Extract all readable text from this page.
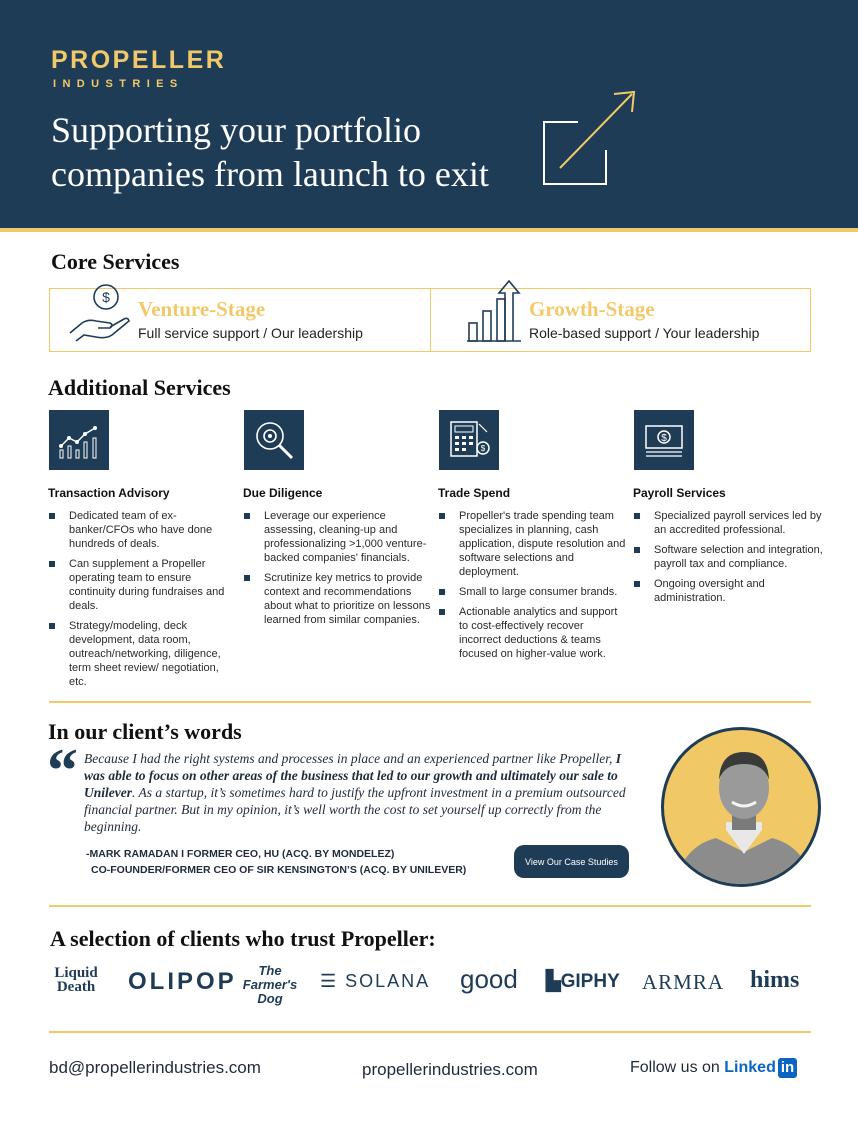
PROPELLER
INDUSTRIES
Supporting your portfolio
companies from launch to exit
Core Services
$ Venture-Stage
Full service support / Our leadership
Growth-Stage
Role-based support / Your leadership
Additional Services
Transaction Advisory
Dedicated team of ex-banker/CFOs who have done hundreds of deals.
Can supplement a Propeller operating team to ensure continuity during fundraises and deals.
Strategy/modeling, deck development, data room, outreach/networking, diligence, term sheet review/ negotiation, etc.
Due Diligence
Leverage our experience assessing, cleaning-up and professionalizing >1,000 venture-backed companies' financials.
Scrutinize key metrics to provide context and recommendations about what to prioritize on lessons learned from similar companies.
$
Trade Spend
Propeller's trade spending team specializes in planning, cash application, dispute resolution and software selections and deployment.
Small to large consumer brands.
Actionable analytics and support to cost-effectively recover incorrect deductions & teams focused on higher-value work.
$
Payroll Services
Specialized payroll services led by an accredited professional.
Software selection and integration, payroll tax and compliance.
Ongoing oversight and administration.
In our client’s words
“ Because I had the right systems and processes in place and an experienced partner like Propeller, I was able to focus on other areas of the business that led to our growth and ultimately our sale to Unilever. As a startup, it’s sometimes hard to justify the upfront investment in a premium outsourced financial partner. But in my opinion, it’s well worth the cost to set yourself up correctly from the beginning.
-MARK RAMADAN I FORMER CEO, HU (ACQ. BY MONDELEZ)
CO-FOUNDER/FORMER CEO OF SIR KENSINGTON’S (ACQ. BY UNILEVER)
View Our Case Studies
A selection of clients who trust Propeller:
Liquid Death OLIPOP	The Farmer's Dog
☰ SOLANA good ▙GIPHY ARMRA hims
bd@propellerindustries.com	propellerindustries.com	Follow us on Linked in
